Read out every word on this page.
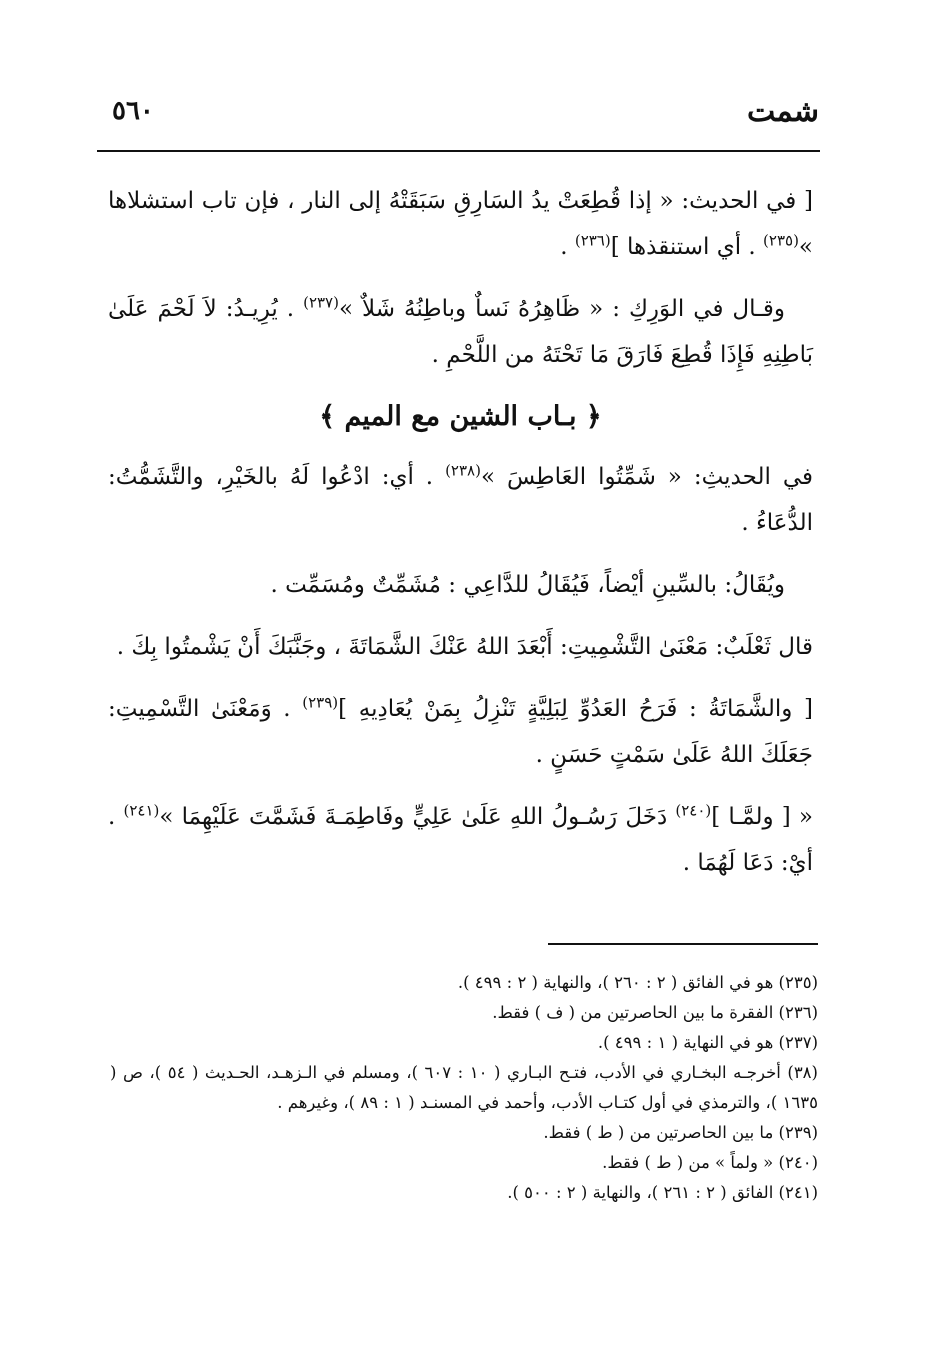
شمت
٥٦٠

[ في الحديث: « إذا قُطِعَتْ يدُ السَارِقِ سَبَقَتْهُ إلى النار ، فإن تاب استشلاها »$^{(٢٣٥)}$ . أي استنقذها ]$^{(٢٣٦)}$ .

وقـال في الوَرِكِ : « ظَاهِرُهُ نَساٌ وباطِنُهُ شَلاٌ »$^{(٢٣٧)}$ . يُرِيـدُ: لاَ لَحْمَ عَلَىٰ بَاطِنِهِ فَإِذَا قُطِعَ فَارَقَ مَا تَحْتَهُ من اللَّحْمِ .

﴿ بـاب الشين مع الميم ﴾

في الحديثِ: « شَمِّتُوا العَاطِسَ »$^{(٢٣٨)}$ . أي: ادْعُوا لَهُ بالخَيْرِ، والتَّشَمُّتُ: الدُّعَاءُ .

ويُقَالُ: بالسِّينِ أيْضاً، فَيُقَالُ للدَّاعِي : مُشَمِّتٌ ومُسَمِّت .

قال ثَعْلَبٌ: مَعْنَىٰ التَّشْمِيتِ: أَبْعَدَ اللهُ عَنْكَ الشَّمَاتَةَ ، وجَنَّبَكَ أَنْ يَشْمتُوا بِكَ .

[ والشَّمَاتَةُ : فَرَحُ العَدُوِّ لِبَلِيَّةٍ تَنْزِلُ بِمَنْ يُعَادِيهِ ]$^{(٢٣٩)}$ . وَمَعْنَىٰ التَّسْمِيتِ: جَعَلَكَ اللهُ عَلَىٰ سَمْتٍ حَسَنٍ .

« [ ولمَّـا ]$^{(٢٤٠)}$ دَخَلَ رَسُـولُ اللهِ عَلَىٰ عَلِيٍّ وفَاطِمَـةَ فَشَمَّتَ عَلَيْهِمَا »$^{(٢٤١)}$ . أيْ: دَعَا لَهُمَا .

(٢٣٥) هو في الفائق ( ٢ : ٢٦٠ )، والنهاية ( ٢ : ٤٩٩ ).

(٢٣٦) الفقرة ما بين الحاصرتين من ( ف ) فقط.

(٢٣٧) هو في النهاية ( ١ : ٤٩٩ ).

(٣٨) أخرجـه البخـاري في الأدب، فتـح البـاري ( ١٠ : ٦٠٧ )، ومسلم في الـزهـد، الحـديث ( ٥٤ )، ص ( ١٦٣٥ )، والترمذي في أول كتـاب الأدب، وأحمد في المسنـد ( ١ : ٨٩ )، وغيرهم .

(٢٣٩) ما بين الحاصرتين من ( ط ) فقط.

(٢٤٠) « ولماً » من ( ط ) فقط.

(٢٤١) الفائق ( ٢ : ٢٦١ )، والنهاية ( ٢ : ٥٠٠ ).
